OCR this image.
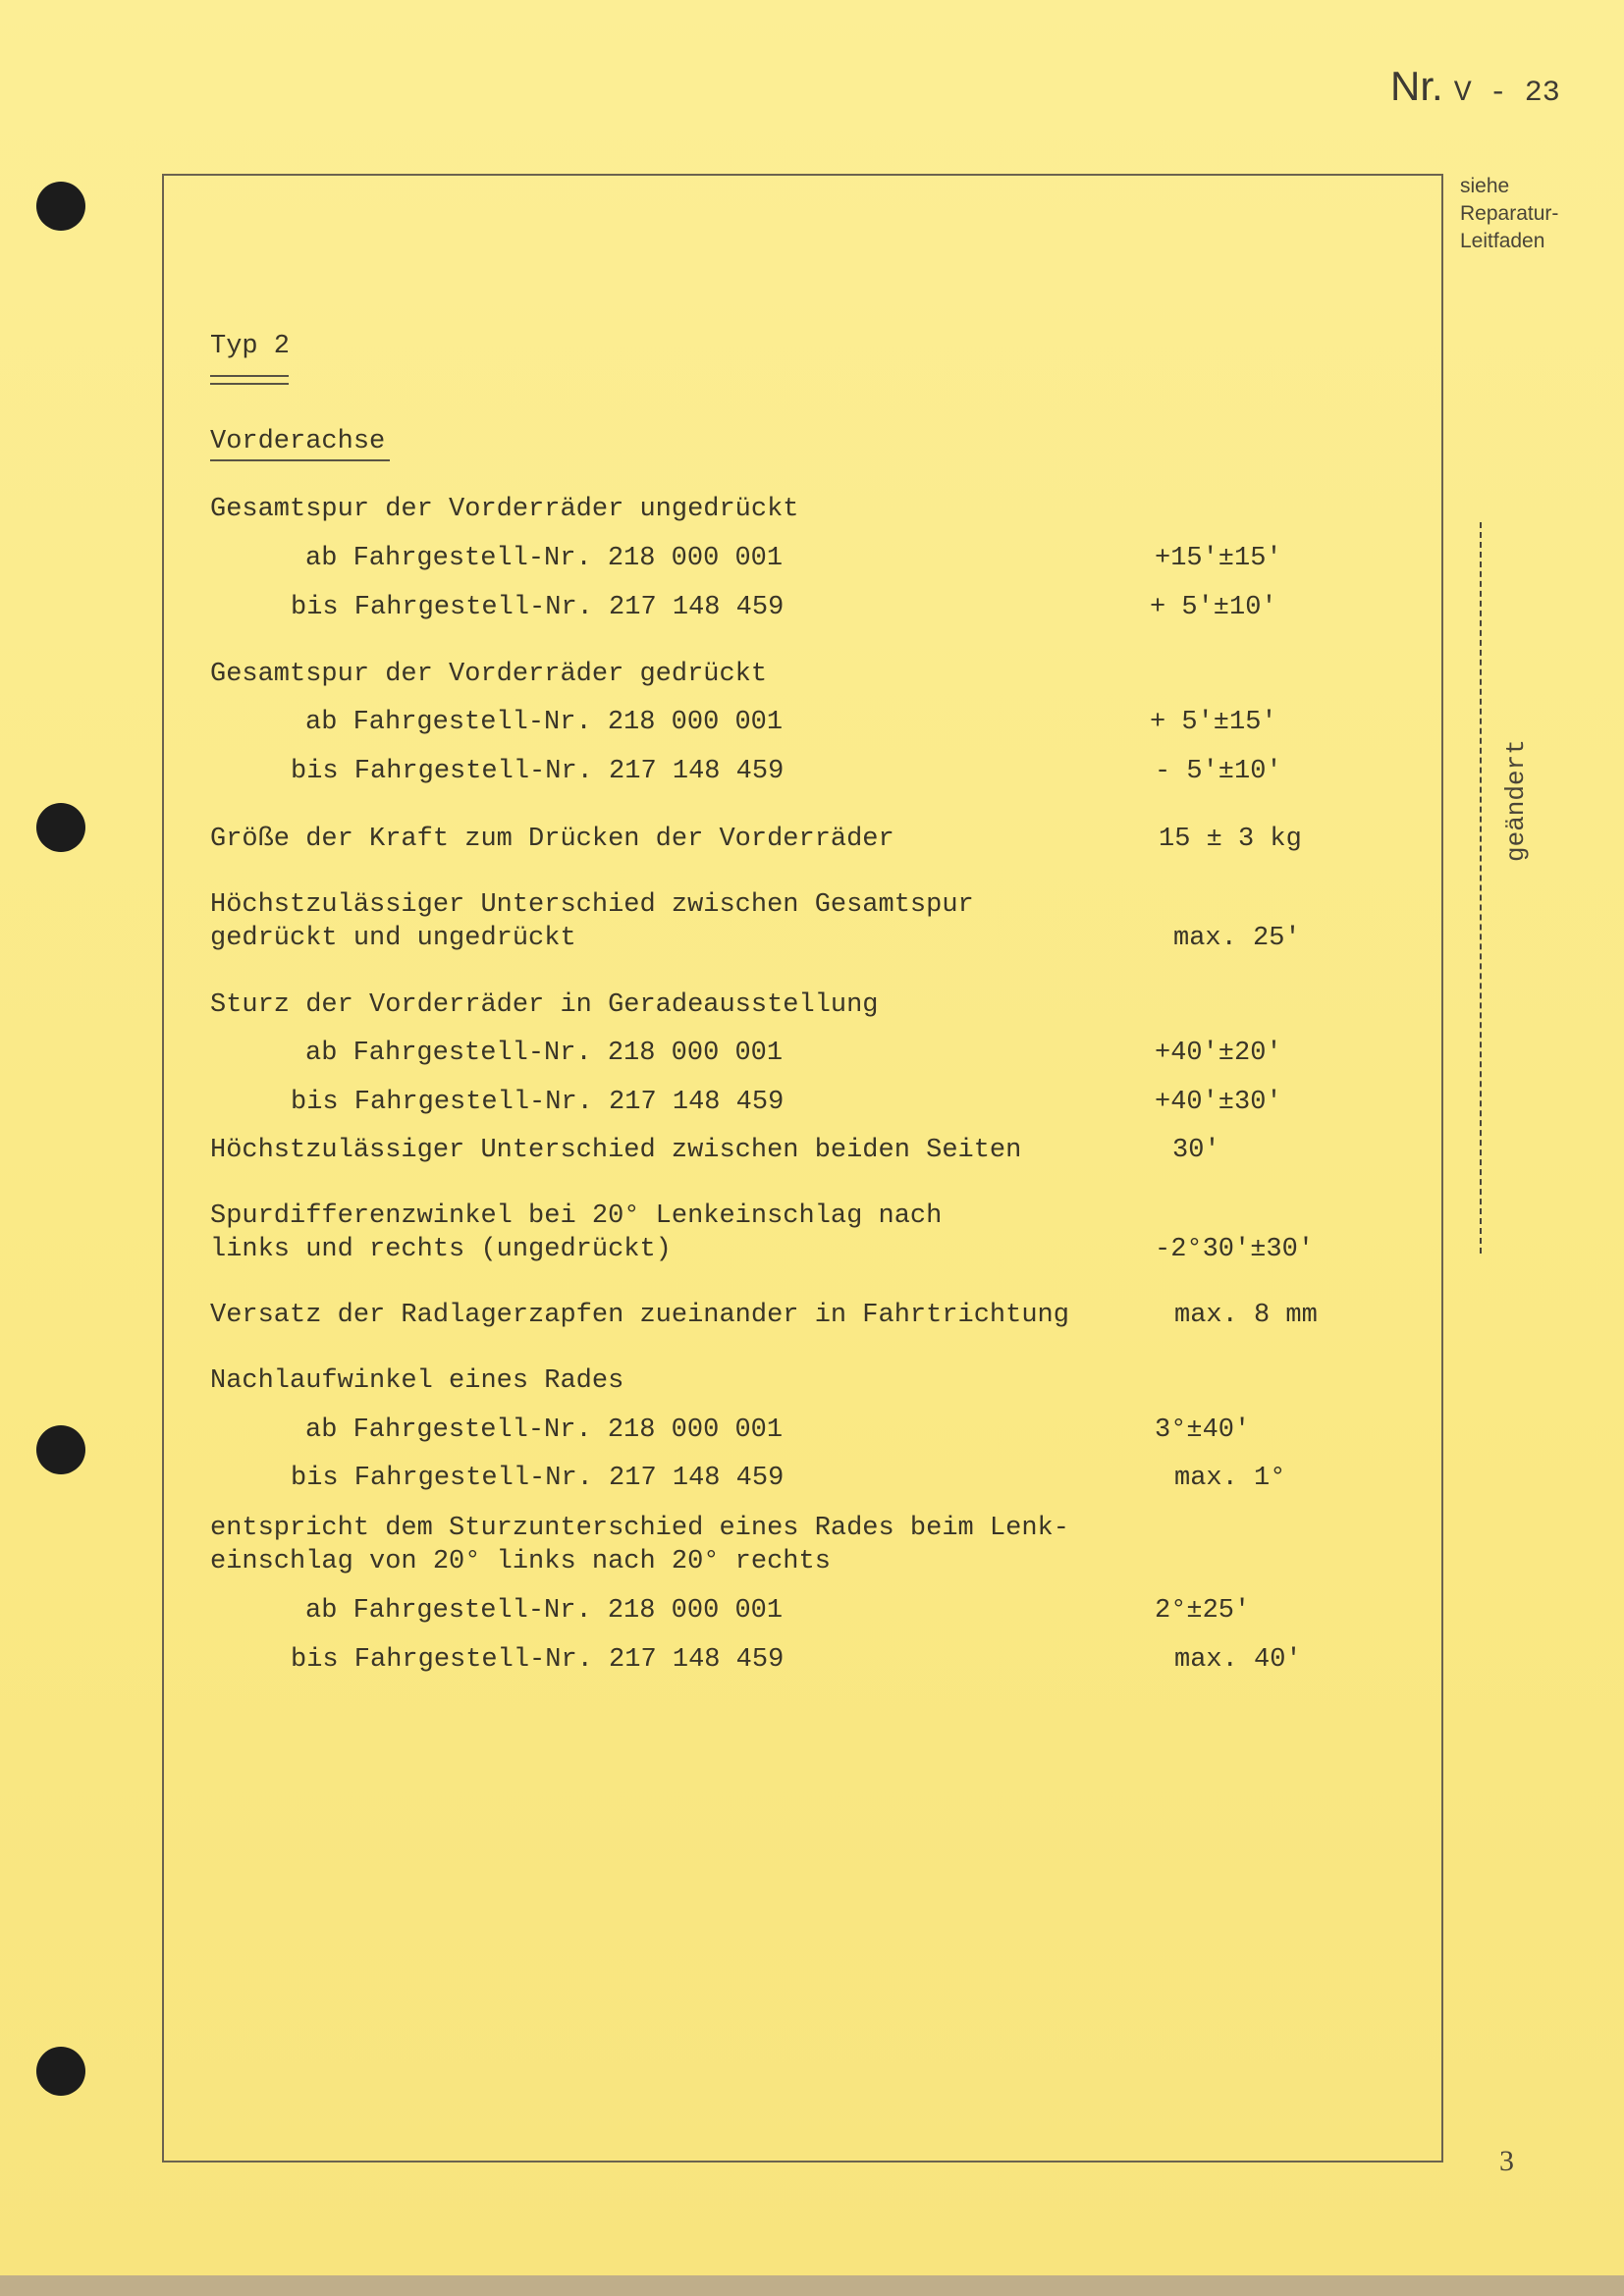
Nr. V - 23
siehe
Reparatur-
Leitfaden
geändert
Typ 2
Vorderachse
Gesamtspur der Vorderräder ungedrückt
ab Fahrgestell-Nr. 218 000 001	+15'±15'
bis Fahrgestell-Nr. 217 148 459	+ 5'±10'
Gesamtspur der Vorderräder gedrückt
ab Fahrgestell-Nr. 218 000 001	+ 5'±15'
bis Fahrgestell-Nr. 217 148 459	- 5'±10'
Größe der Kraft zum Drücken der Vorderräder	15 ± 3 kg
Höchstzulässiger Unterschied zwischen Gesamtspur
gedrückt und ungedrückt	max. 25'
Sturz der Vorderräder in Geradeausstellung
ab Fahrgestell-Nr. 218 000 001	+40'±20'
bis Fahrgestell-Nr. 217 148 459	+40'±30'
Höchstzulässiger Unterschied zwischen beiden Seiten	30'
Spurdifferenzwinkel bei 20° Lenkeinschlag nach
links und rechts (ungedrückt)	-2°30'±30'
Versatz der Radlagerzapfen zueinander in Fahrtrichtung	max. 8 mm
Nachlaufwinkel eines Rades
ab Fahrgestell-Nr. 218 000 001	3°±40'
bis Fahrgestell-Nr. 217 148 459	max. 1°
entspricht dem Sturzunterschied eines Rades beim Lenk-
einschlag von 20° links nach 20° rechts
ab Fahrgestell-Nr. 218 000 001	2°±25'
bis Fahrgestell-Nr. 217 148 459	max. 40'
3
